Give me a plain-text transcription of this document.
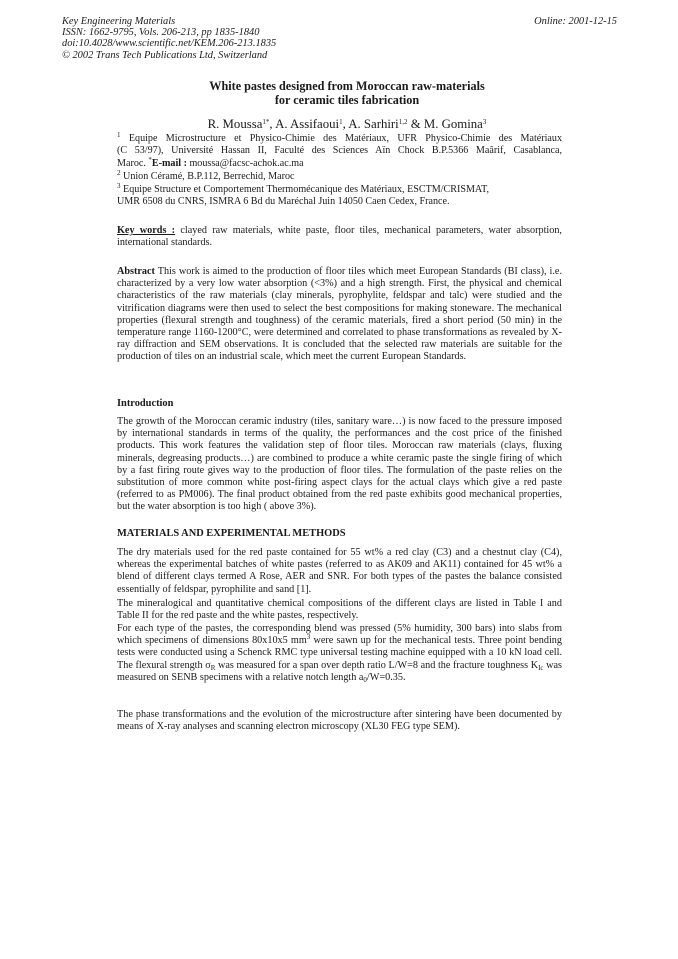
Key Engineering Materials
ISSN: 1662-9795, Vols. 206-213, pp 1835-1840
doi:10.4028/www.scientific.net/KEM.206-213.1835
© 2002 Trans Tech Publications Ltd, Switzerland
Online: 2001-12-15
White pastes designed from Moroccan raw-materials
for ceramic tiles fabrication
R. Moussa$^{1*}$, A. Assifaoui$^1$, A. Sarhiri$^{1,2}$ & M. Gomina$^3$
$^1$ Equipe Microstructure et Physico-Chimie des Matériaux, UFR Physico-Chimie des Matériaux
(C 53/97), Université Hassan II, Faculté des Sciences Aïn Chock B.P.5366 Maârif, Casablanca,
Maroc. *E-mail : moussa@facsc-achok.ac.ma
$^2$ Union Céramé, B.P.112, Berrechid, Maroc
$^3$ Equipe Structure et Comportement Thermomécanique des Matériaux, ESCTM/CRISMAT,
UMR 6508 du CNRS, ISMRA 6 Bd du Maréchal Juin 14050 Caen Cedex, France.
Key words : clayed raw materials, white paste, floor tiles, mechanical parameters, water absorption, international standards.
Abstract This work is aimed to the production of floor tiles which meet European Standards (BI class), i.e. characterized by a very low water absorption (<3%) and a high strength. First, the physical and chemical characteristics of the raw materials (clay minerals, pyrophylite, feldspar and talc) were studied and the vitrification diagrams were then used to select the best compositions for making stoneware. The mechanical properties (flexural strength and toughness) of the ceramic materials, fired a short period (50 min) in the temperature range 1160-1200°C, were determined and correlated to phase transformations as revealed by X-ray diffraction and SEM observations. It is concluded that the selected raw materials are suitable for the production of tiles on an industrial scale, which meet the current European Standards.
Introduction
The growth of the Moroccan ceramic industry (tiles, sanitary ware…) is now faced to the pressure imposed by international standards in terms of the quality, the performances and the cost price of the finished products. This work features the validation step of floor tiles. Moroccan raw materials (clays, fluxing minerals, degreasing products…) are combined to produce a white ceramic paste the single firing of which by a fast firing route gives way to the production of floor tiles. The formulation of the paste relies on the substitution of more common white post-firing aspect clays for the actual clays which give a red paste (referred to as PM006). The final product obtained from the red paste exhibits good mechanical properties, but the water absorption is too high ( above 3%).
MATERIALS AND EXPERIMENTAL METHODS
The dry materials used for the red paste contained for 55 wt% a red clay (C3) and a chestnut clay (C4), whereas the experimental batches of white pastes (referred to as AK09 and AK11) contained for 45 wt% a blend of different clays termed A Rose, AER and SNR. For both types of the pastes the balance consisted essentially of feldspar, pyrophilite and sand [1].
The mineralogical and quantitative chemical compositions of the different clays are listed in Table I and Table II for the red paste and the white pastes, respectively.
For each type of the pastes, the corresponding blend was pressed (5% humidity, 300 bars) into slabs from which specimens of dimensions 80x10x5 $mm^3$ were sawn up for the mechanical tests. Three point bending tests were conducted using a Schenck RMC type universal testing machine equipped with a 10 kN load cell. The flexural strength $\sigma_R$ was measured for a span over depth ratio L/W=8 and the fracture toughness $K_{Ic}$ was measured on SENB specimens with a relative notch length $a_0/W=0.35$.
The phase transformations and the evolution of the microstructure after sintering have been documented by means of X-ray analyses and scanning electron microscopy (XL30 FEG type SEM).
